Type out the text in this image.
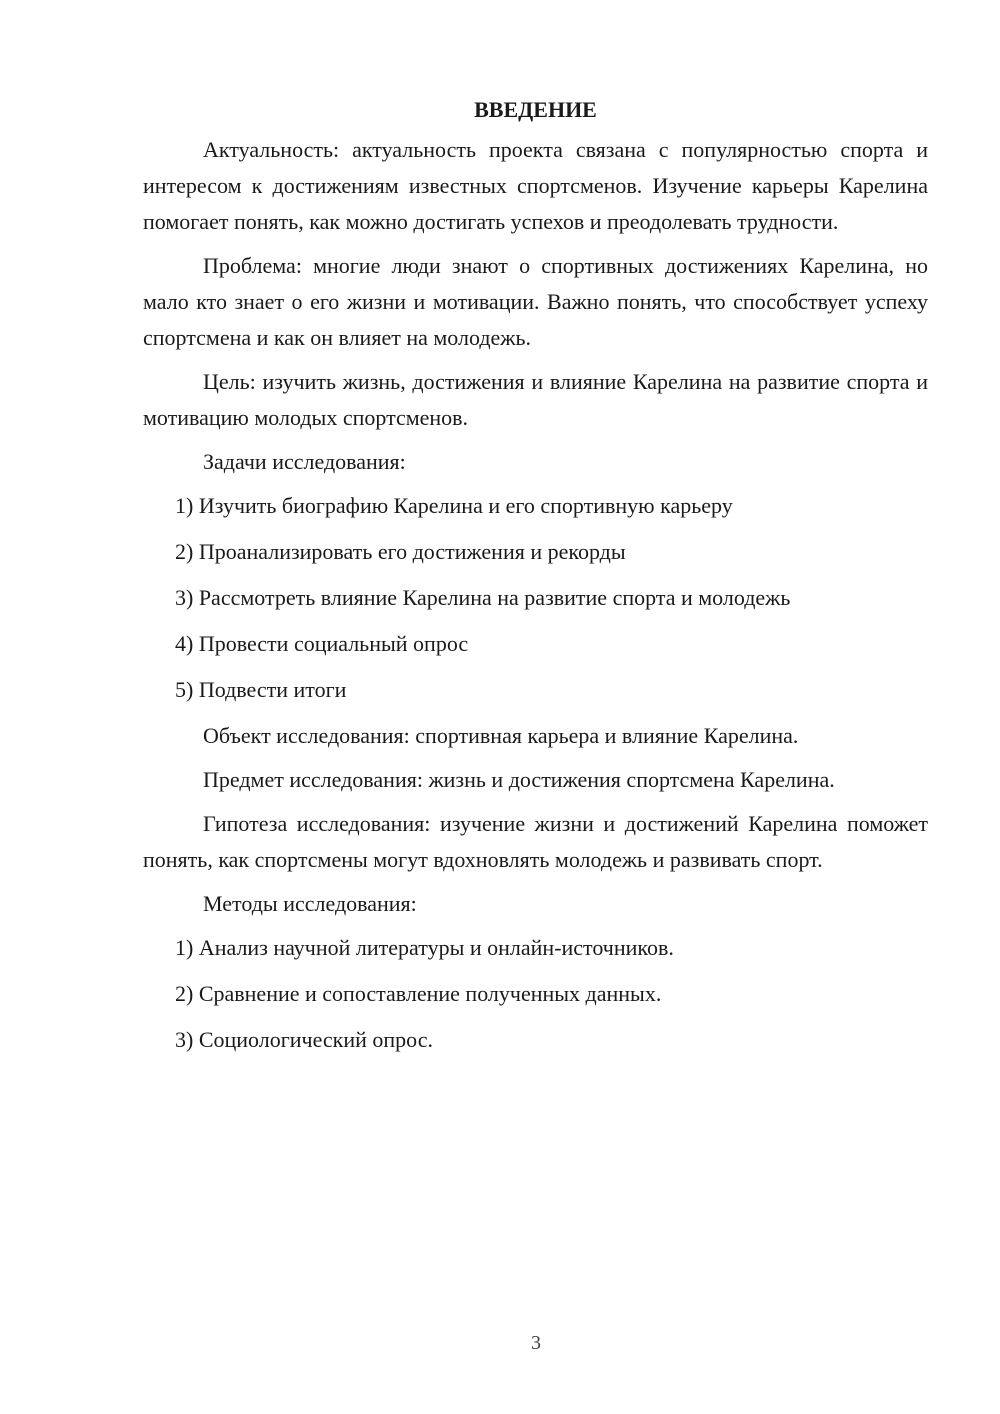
ВВЕДЕНИЕ

Актуальность: актуальность проекта связана с популярностью спорта и интересом к достижениям известных спортсменов. Изучение карьеры Карелина помогает понять, как можно достигать успехов и преодолевать трудности.

Проблема: многие люди знают о спортивных достижениях Карелина, но мало кто знает о его жизни и мотивации. Важно понять, что способствует успеху спортсмена и как он влияет на молодежь.

Цель: изучить жизнь, достижения и влияние Карелина на развитие спорта и мотивацию молодых спортсменов.

Задачи исследования:

1) Изучить биографию Карелина и его спортивную карьеру

2) Проанализировать его достижения и рекорды

3) Рассмотреть влияние Карелина на развитие спорта и молодежь

4) Провести социальный опрос

5) Подвести итоги

Объект исследования: спортивная карьера и влияние Карелина.

Предмет исследования: жизнь и достижения спортсмена Карелина.

Гипотеза исследования: изучение жизни и достижений Карелина поможет понять, как спортсмены могут вдохновлять молодежь и развивать спорт.

Методы исследования:

1) Анализ научной литературы и онлайн-источников.

2) Сравнение и сопоставление полученных данных.

3) Социологический опрос.

3
